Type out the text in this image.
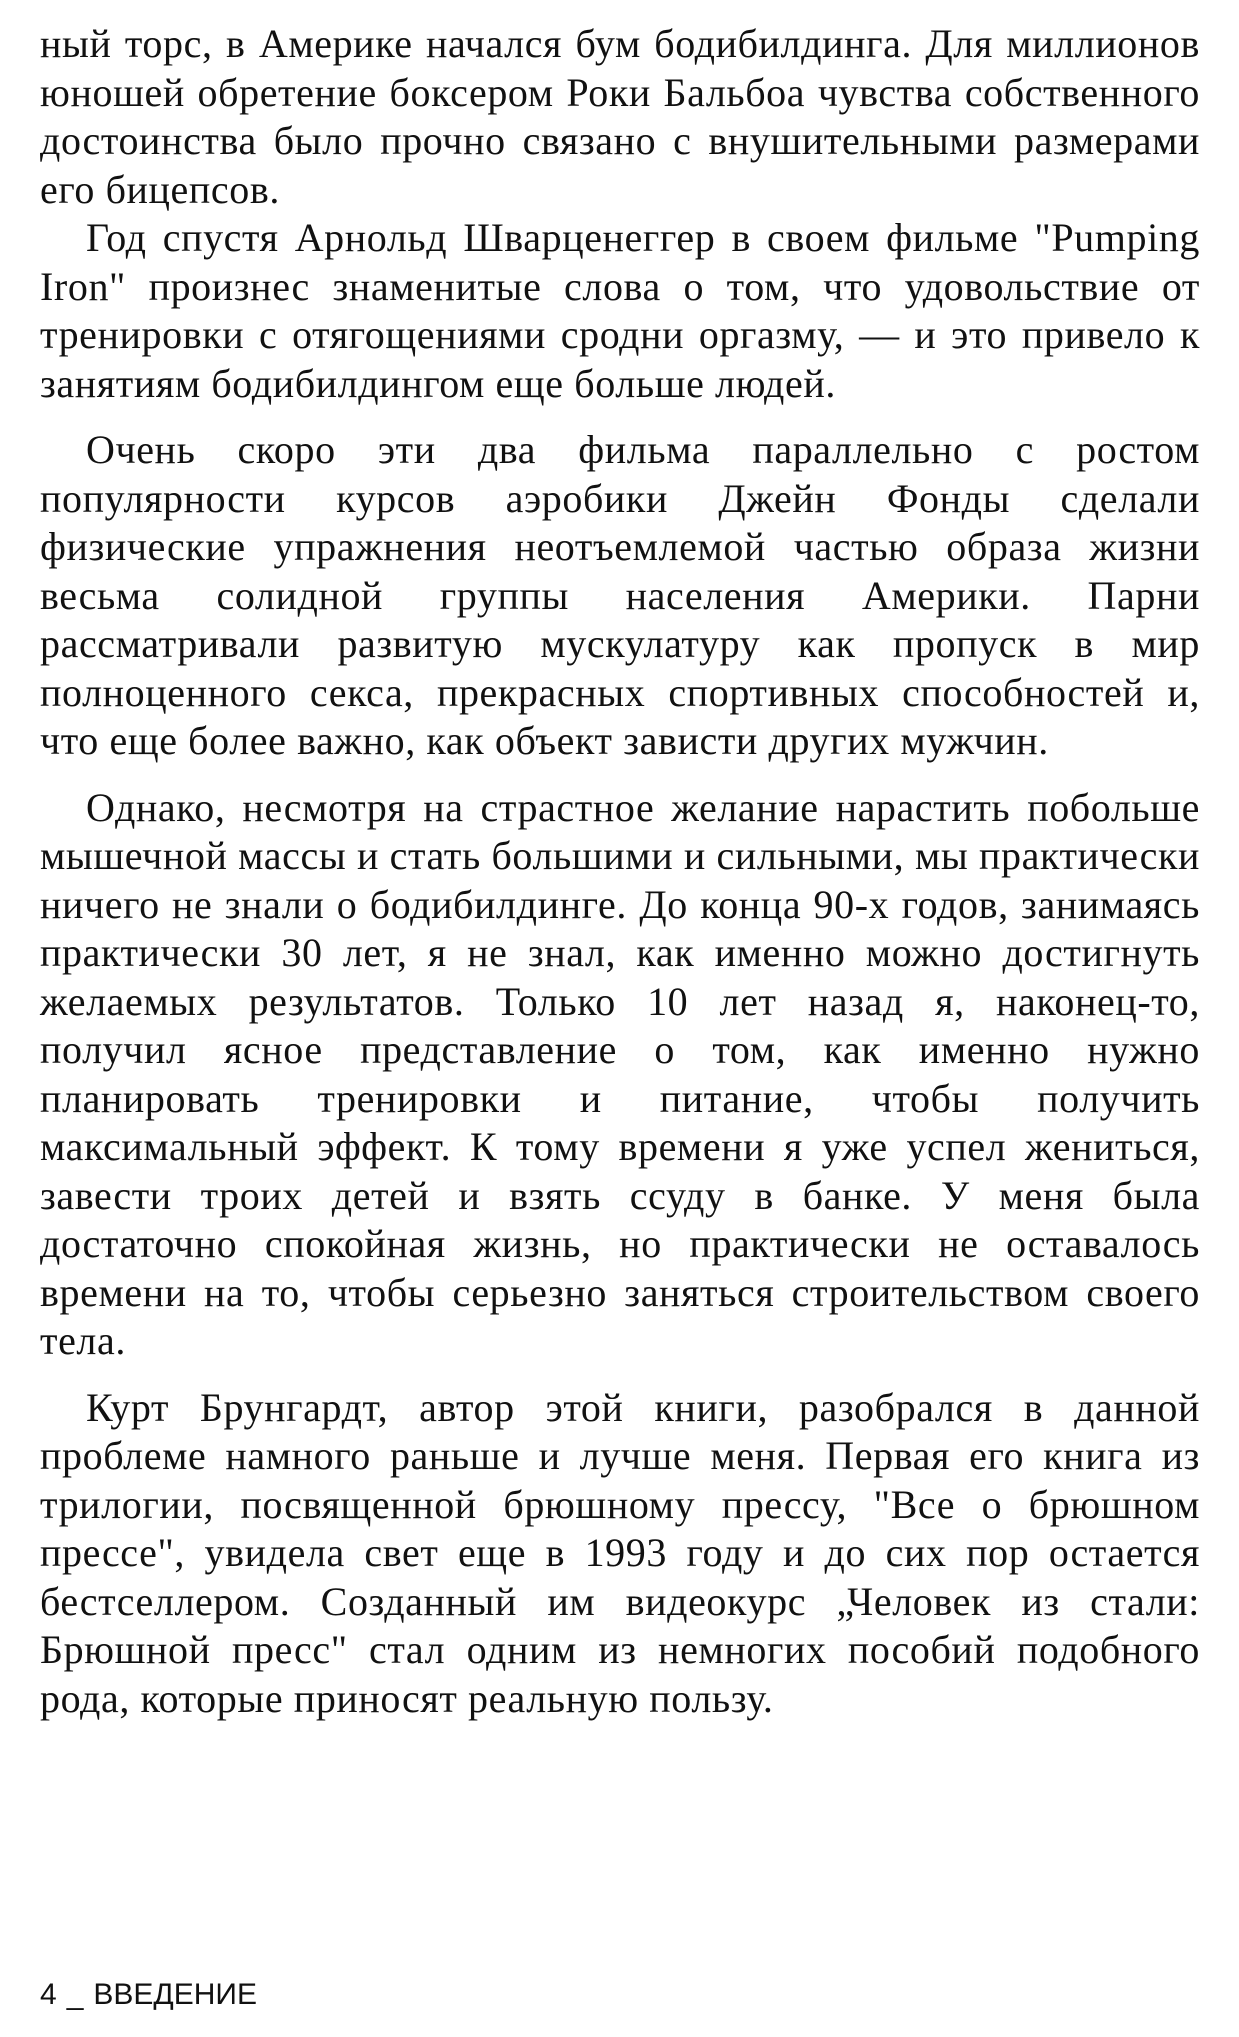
ный торс, в Америке начался бум бодибилдинга. Для миллионов юношей обретение боксером Роки Бальбоа чувства собственного достоинства было прочно связано с внушительными размерами его бицепсов.

Год спустя Арнольд Шварценеггер в своем фильме "Pumping Iron" произнес знаменитые слова о том, что удовольствие от тренировки с отягощениями сродни оргазму, — и это привело к занятиям бодибилдингом еще больше людей.

Очень скоро эти два фильма параллельно с ростом популярности курсов аэробики Джейн Фонды сделали физические упражнения неотъемлемой частью образа жизни весьма солидной группы населения Америки. Парни рассматривали развитую мускулатуру как пропуск в мир полноценного секса, прекрасных спортивных способностей и, что еще более важно, как объект зависти других мужчин.

Однако, несмотря на страстное желание нарастить побольше мышечной массы и стать большими и сильными, мы практически ничего не знали о бодибилдинге. До конца 90-х годов, занимаясь практически 30 лет, я не знал, как именно можно достигнуть желаемых результатов. Только 10 лет назад я, наконец-то, получил ясное представление о том, как именно нужно планировать тренировки и питание, чтобы получить максимальный эффект. К тому времени я уже успел жениться, завести троих детей и взять ссуду в банке. У меня была достаточно спокойная жизнь, но практически не оставалось времени на то, чтобы серьезно заняться строительством своего тела.

Курт Брунгардт, автор этой книги, разобрался в данной проблеме намного раньше и лучше меня. Первая его книга из трилогии, посвященной брюшному прессу, "Все о брюшном прессе", увидела свет еще в 1993 году и до сих пор остается бестселлером. Созданный им видеокурс „Человек из стали: Брюшной пресс" стал одним из немногих пособий подобного рода, которые приносят реальную пользу.

4 _ ВВЕДЕНИЕ
